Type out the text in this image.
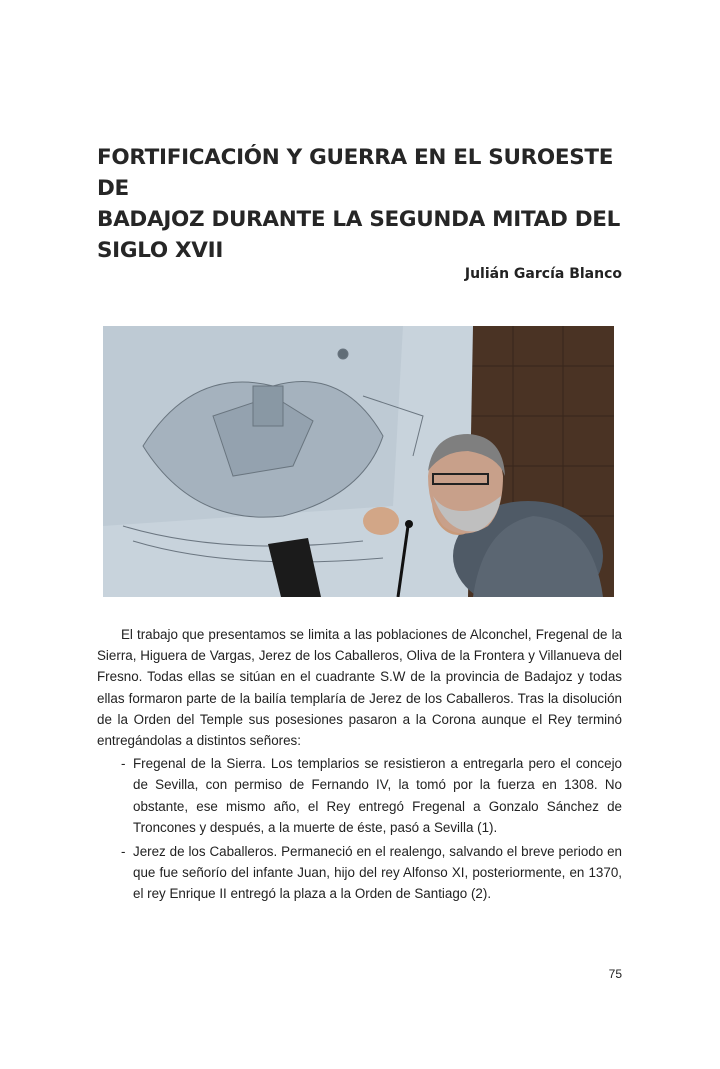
FORTIFICACIÓN Y GUERRA EN EL SUROESTE DE
BADAJOZ DURANTE LA SEGUNDA MITAD DEL
SIGLO XVII
Julián García Blanco

El trabajo que presentamos se limita a las poblaciones de Alconchel, Fregenal de la Sierra, Higuera de Vargas, Jerez de los Caballeros, Oliva de la Frontera y Villanueva del Fresno. Todas ellas se sitúan en el cuadrante S.W de la provincia de Badajoz y todas ellas formaron parte de la bailía templaría de Jerez de los Caballeros. Tras la disolución de la Orden del Temple sus posesiones pasaron a la Corona aunque el Rey terminó entregándolas a distintos señores:

- Fregenal de la Sierra. Los templarios se resistieron a entregarla pero el concejo de Sevilla, con permiso de Fernando IV, la tomó por la fuerza en 1308. No obstante, ese mismo año, el Rey entregó Fregenal a Gonzalo Sánchez de Troncones y después, a la muerte de éste, pasó a Sevilla (1).
- Jerez de los Caballeros. Permaneció en el realengo, salvando el breve periodo en que fue señorío del infante Juan, hijo del rey Alfonso XI, posteriormente, en 1370, el rey Enrique II entregó la plaza a la Orden de Santiago (2).
75
